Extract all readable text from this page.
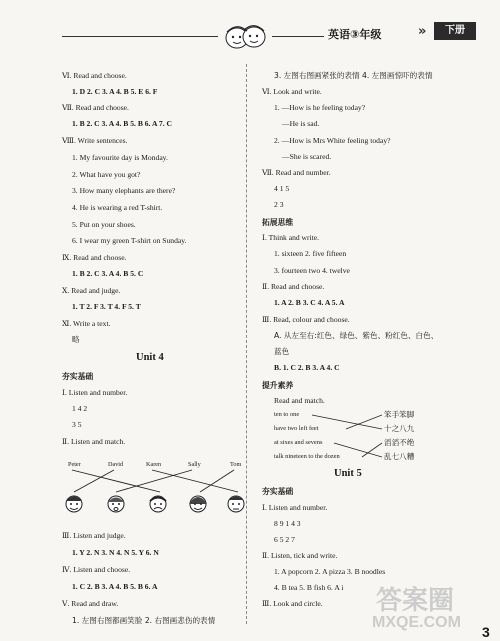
英语③年级	»	下册
Ⅵ. Read and choose.
1. D 2. C 3. A 4. B 5. E 6. F
Ⅶ. Read and choose.
1. B 2. C 3. A 4. B 5. B 6. A 7. C
Ⅷ. Write sentences.
1. My favourite day is Monday.
2. What have you got?
3. How many elephants are there?
4. He is wearing a red T-shirt.
5. Put on your shoes.
6. I wear my green T-shirt on Sunday.
Ⅸ. Read and choose.
1. B 2. C 3. A 4. B 5. C
Ⅹ. Read and judge.
1. T 2. F 3. T 4. F 5. T
Ⅺ. Write a text.
略
Unit 4
夯实基础
Ⅰ. Listen and number.
1 4 2
3 5
Ⅱ. Listen and match.
Peter	David	Karen	Sally	Tom
Ⅲ. Listen and judge.
1. Y 2. N 3. N 4. N 5. Y 6. N
Ⅳ. Listen and choose.
1. C 2. B 3. A 4. B 5. B 6. A
Ⅴ. Read and draw.
1. 左图右图都画笑脸 2. 右图画悲伤的表情
3. 左图右图画紧张的表情 4. 左图画惊吓的表情
Ⅵ. Look and write.
1. —How is he feeling today?
—He is sad.
2. —How is Mrs White feeling today?
—She is scared.
Ⅶ. Read and number.
4 1 5
2 3
拓展思维
Ⅰ. Think and write.
1. sixteen 2. five fifteen
3. fourteen two 4. twelve
Ⅱ. Read and choose.
1. A 2. B 3. C 4. A 5. A
Ⅲ. Read, colour and choose.
A. 从左至右:红色、绿色、紫色、粉红色、白色、
蓝色
B. 1. C 2. B 3. A 4. C
提升素养
Read and match.
ten to one
have two left feet
at sixes and sevens
talk nineteen to the dozen
笨手笨脚
十之八九
滔滔不绝
乱七八糟
Unit 5
夯实基础
Ⅰ. Listen and number.
8 9 1 4 3
6 5 2 7
Ⅱ. Listen, tick and write.
1. A popcorn 2. A pizza 3. B noodles
4. B tea 5. B fish 6. A i
Ⅲ. Look and circle. 答案圈
MXQE.COM
3
